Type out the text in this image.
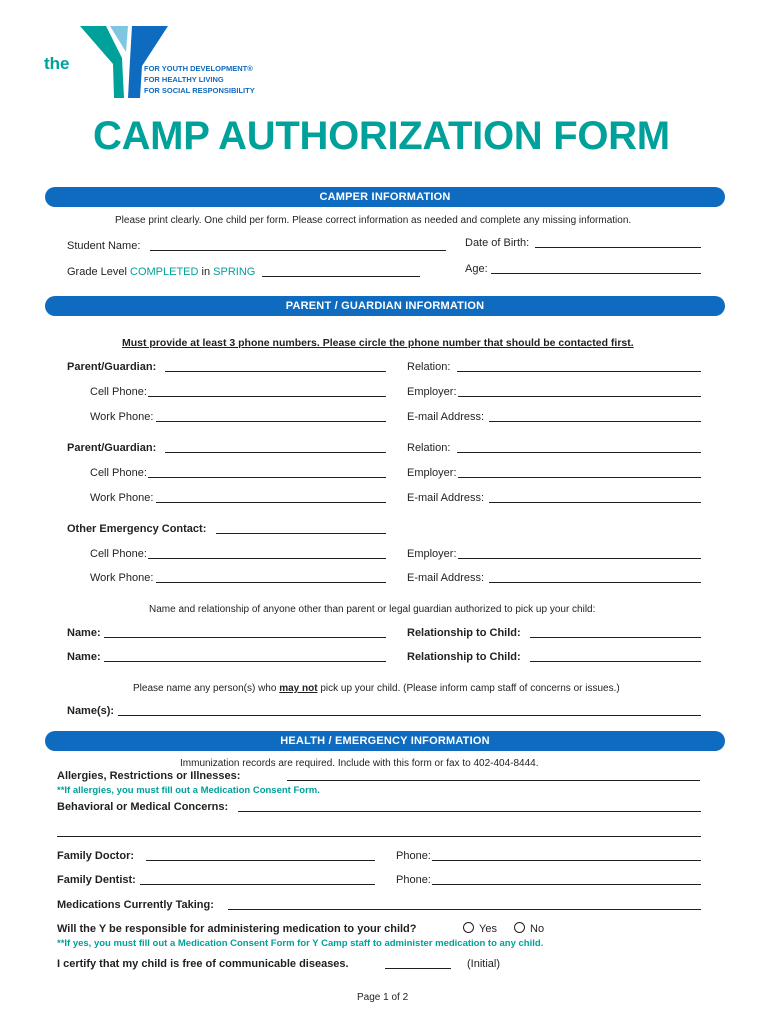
the
YMCA
FOR YOUTH DEVELOPMENT®
FOR HEALTHY LIVING
FOR SOCIAL RESPONSIBILITY
CAMP AUTHORIZATION FORM
CAMPER INFORMATION
Please print clearly. One child per form. Please correct information as needed and complete any missing information.
Student Name:	Date of Birth:
Grade Level COMPLETED in SPRING	Age:
PARENT / GUARDIAN INFORMATION
Must provide at least 3 phone numbers. Please circle the phone number that should be contacted first.
Parent/Guardian:	Relation:
Cell Phone:	Employer:
Work Phone:	E-mail Address:
Parent/Guardian:	Relation:
Cell Phone:	Employer:
Work Phone:	E-mail Address:
Other Emergency Contact:
Cell Phone:	Employer:
Work Phone:	E-mail Address:
Name and relationship of anyone other than parent or legal guardian authorized to pick up your child:
Name:	Relationship to Child:
Name:	Relationship to Child:
Please name any person(s) who may not pick up your child. (Please inform camp staff of concerns or issues.)
Name(s):
HEALTH / EMERGENCY INFORMATION
Immunization records are required. Include with this form or fax to 402-404-8444.
Allergies, Restrictions or Illnesses:
**If allergies, you must fill out a Medication Consent Form.
Behavioral or Medical Concerns:
Family Doctor:	Phone:
Family Dentist:	Phone:
Medications Currently Taking:
Will the Y be responsible for administering medication to your child?	Yes	No
**If yes, you must fill out a Medication Consent Form for Y Camp staff to administer medication to any child.
I certify that my child is free of communicable diseases.	(Initial)
Page 1 of 2
